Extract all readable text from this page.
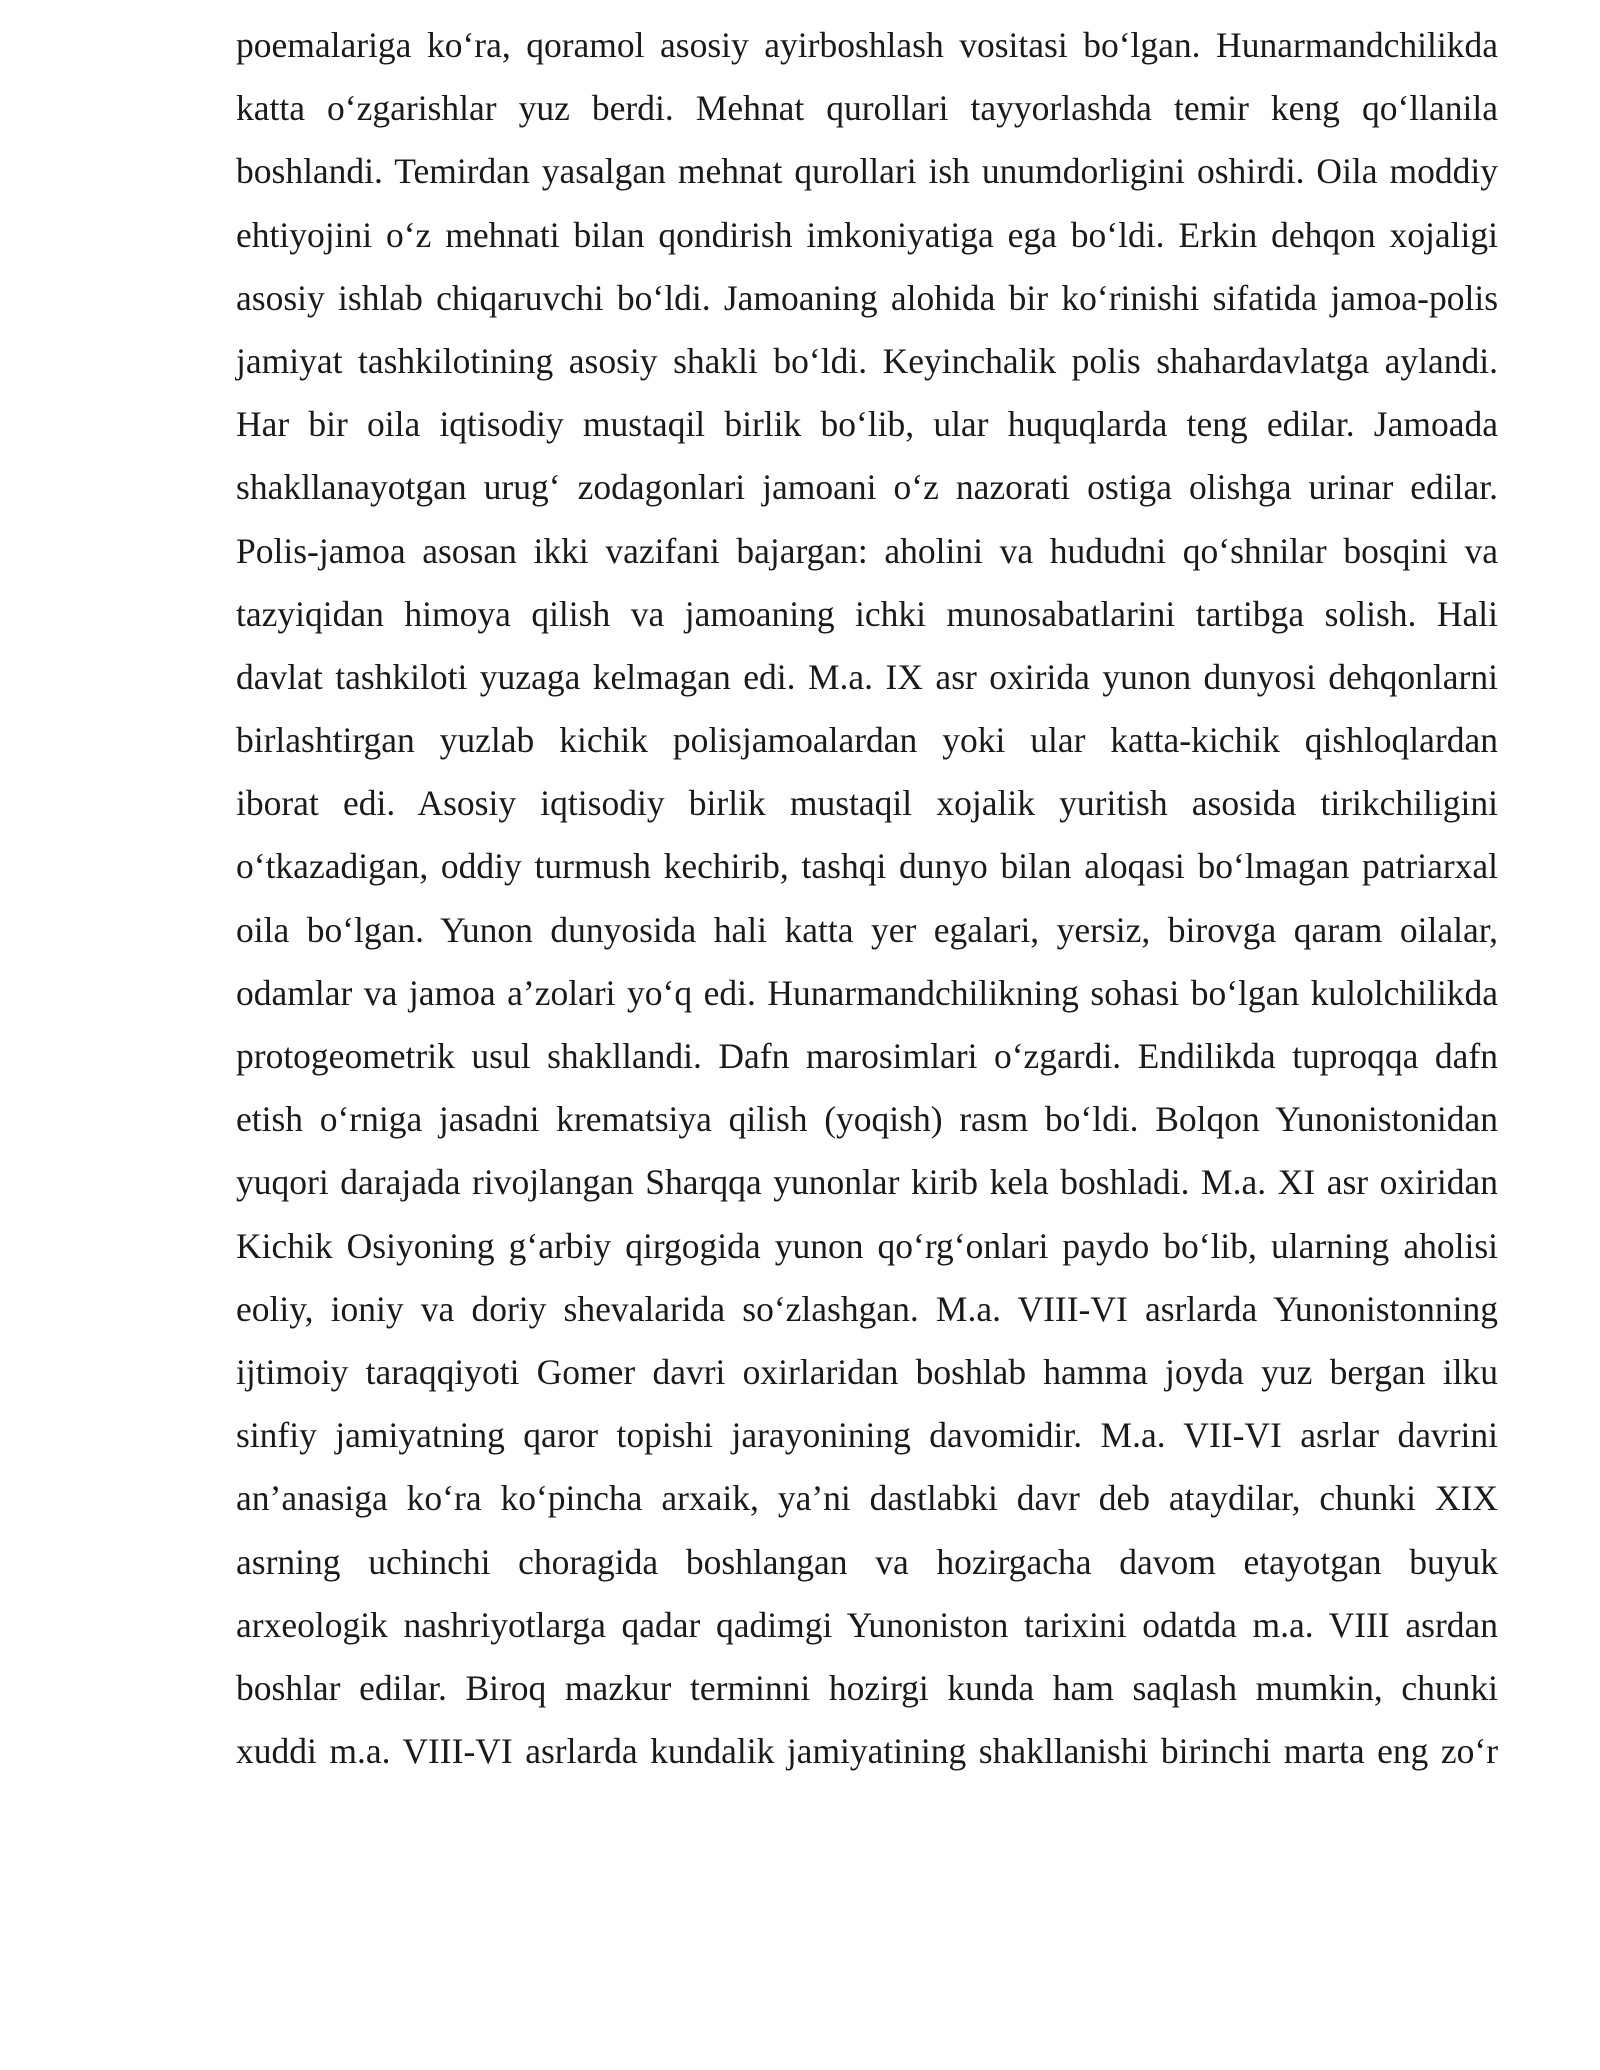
poemalariga ko‘ra, qoramol asosiy ayirboshlash vositasi bo‘lgan. Hunarmandchilikda
katta o‘zgarishlar yuz berdi. Mehnat qurollari tayyorlashda temir keng qo‘llanila
boshlandi. Temirdan yasalgan mehnat qurollari ish unumdorligini oshirdi. Oila moddiy
ehtiyojini o‘z mehnati bilan qondirish imkoniyatiga ega bo‘ldi. Erkin dehqon xojaligi
asosiy ishlab chiqaruvchi bo‘ldi. Jamoaning alohida bir ko‘rinishi sifatida jamoa-polis
jamiyat tashkilotining asosiy shakli bo‘ldi. Keyinchalik polis shahardavlatga aylandi.
Har bir oila iqtisodiy mustaqil birlik bo‘lib, ular huquqlarda teng edilar. Jamoada
shakllanayotgan urug‘ zodagonlari jamoani o‘z nazorati ostiga olishga urinar edilar.
Polis-jamoa asosan ikki vazifani bajargan: aholini va hududni qo‘shnilar bosqini va
tazyiqidan himoya qilish va jamoaning ichki munosabatlarini tartibga solish. Hali
davlat tashkiloti yuzaga kelmagan edi. M.a. IX asr oxirida yunon dunyosi dehqonlarni
birlashtirgan yuzlab kichik polisjamoalardan yoki ular katta-kichik qishloqlardan
iborat edi. Asosiy iqtisodiy birlik mustaqil xojalik yuritish asosida tirikchiligini
o‘tkazadigan, oddiy turmush kechirib, tashqi dunyo bilan aloqasi bo‘lmagan patriarxal
oila bo‘lgan. Yunon dunyosida hali katta yer egalari, yersiz, birovga qaram oilalar,
odamlar va jamoa a’zolari yo‘q edi. Hunarmandchilikning sohasi bo‘lgan kulolchilikda
protogeometrik usul shakllandi. Dafn marosimlari o‘zgardi. Endilikda tuproqqa dafn
etish o‘rniga jasadni krematsiya qilish (yoqish) rasm bo‘ldi. Bolqon Yunonistonidan
yuqori darajada rivojlangan Sharqqa yunonlar kirib kela boshladi. M.a. XI asr oxiridan
Kichik Osiyoning g‘arbiy qirgogida yunon qo‘rg‘onlari paydo bo‘lib, ularning aholisi
eoliy, ioniy va doriy shevalarida so‘zlashgan. M.a. VIII-VI asrlarda Yunonistonning
ijtimoiy taraqqiyoti Gomer davri oxirlaridan boshlab hamma joyda yuz bergan ilku
sinfiy jamiyatning qaror topishi jarayonining davomidir. M.a. VII-VI asrlar davrini
an’anasiga ko‘ra ko‘pincha arxaik, ya’ni dastlabki davr deb ataydilar, chunki XIX
asrning uchinchi choragida boshlangan va hozirgacha davom etayotgan buyuk
arxeologik nashriyotlarga qadar qadimgi Yunoniston tarixini odatda m.a. VIII asrdan
boshlar edilar. Biroq mazkur terminni hozirgi kunda ham saqlash mumkin, chunki
xuddi m.a. VIII-VI asrlarda kundalik jamiyatining shakllanishi birinchi marta eng zo‘r
